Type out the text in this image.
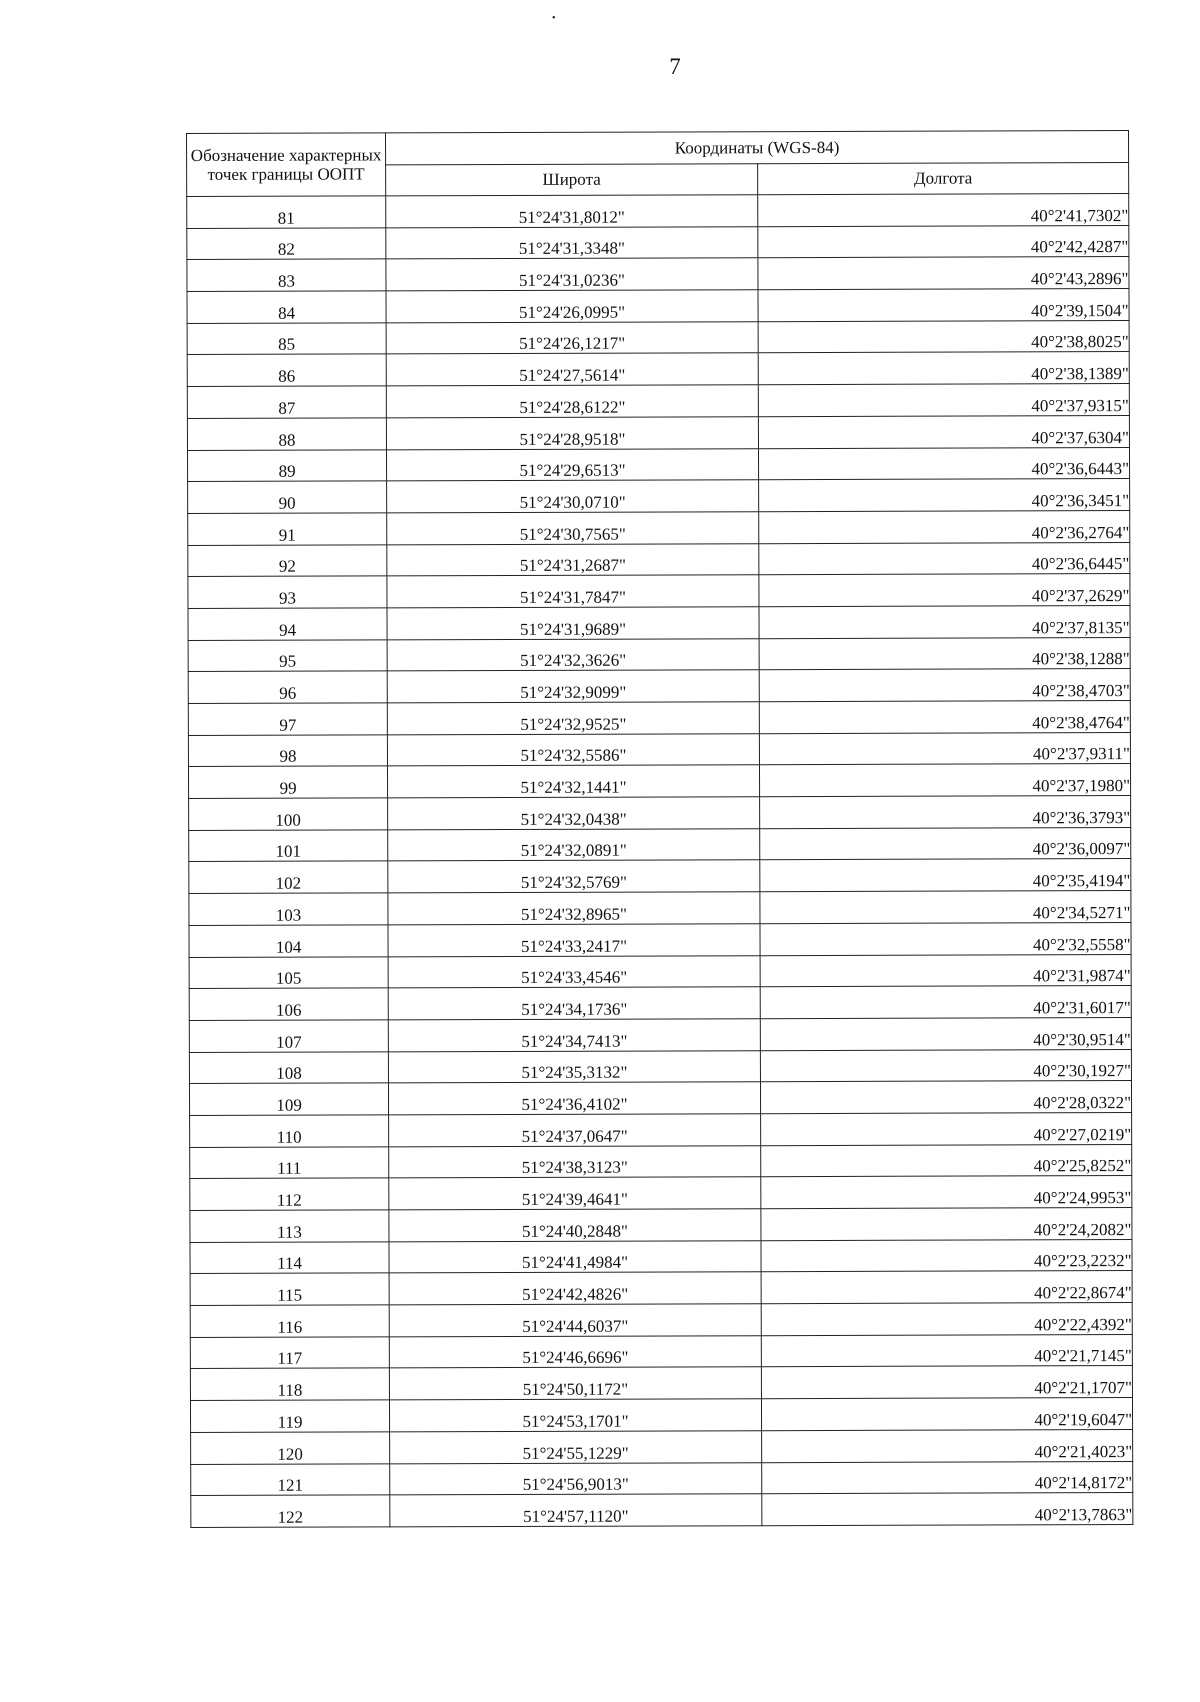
•
7
Обозначение характерных точек границы ООПТ	Координаты (WGS-84)	
	Широта	Долгота
81	51°24'31,8012"	40°2'41,7302"
82	51°24'31,3348"	40°2'42,4287"
83	51°24'31,0236"	40°2'43,2896"
84	51°24'26,0995"	40°2'39,1504"
85	51°24'26,1217"	40°2'38,8025"
86	51°24'27,5614"	40°2'38,1389"
87	51°24'28,6122"	40°2'37,9315"
88	51°24'28,9518"	40°2'37,6304"
89	51°24'29,6513"	40°2'36,6443"
90	51°24'30,0710"	40°2'36,3451"
91	51°24'30,7565"	40°2'36,2764"
92	51°24'31,2687"	40°2'36,6445"
93	51°24'31,7847"	40°2'37,2629"
94	51°24'31,9689"	40°2'37,8135"
95	51°24'32,3626"	40°2'38,1288"
96	51°24'32,9099"	40°2'38,4703"
97	51°24'32,9525"	40°2'38,4764"
98	51°24'32,5586"	40°2'37,9311"
99	51°24'32,1441"	40°2'37,1980"
100	51°24'32,0438"	40°2'36,3793"
101	51°24'32,0891"	40°2'36,0097"
102	51°24'32,5769"	40°2'35,4194"
103	51°24'32,8965"	40°2'34,5271"
104	51°24'33,2417"	40°2'32,5558"
105	51°24'33,4546"	40°2'31,9874"
106	51°24'34,1736"	40°2'31,6017"
107	51°24'34,7413"	40°2'30,9514"
108	51°24'35,3132"	40°2'30,1927"
109	51°24'36,4102"	40°2'28,0322"
110	51°24'37,0647"	40°2'27,0219"
111	51°24'38,3123"	40°2'25,8252"
112	51°24'39,4641"	40°2'24,9953"
113	51°24'40,2848"	40°2'24,2082"
114	51°24'41,4984"	40°2'23,2232"
115	51°24'42,4826"	40°2'22,8674"
116	51°24'44,6037"	40°2'22,4392"
117	51°24'46,6696"	40°2'21,7145"
118	51°24'50,1172"	40°2'21,1707"
119	51°24'53,1701"	40°2'19,6047"
120	51°24'55,1229"	40°2'21,4023"
121	51°24'56,9013"	40°2'14,8172"
122	51°24'57,1120"	40°2'13,7863"
